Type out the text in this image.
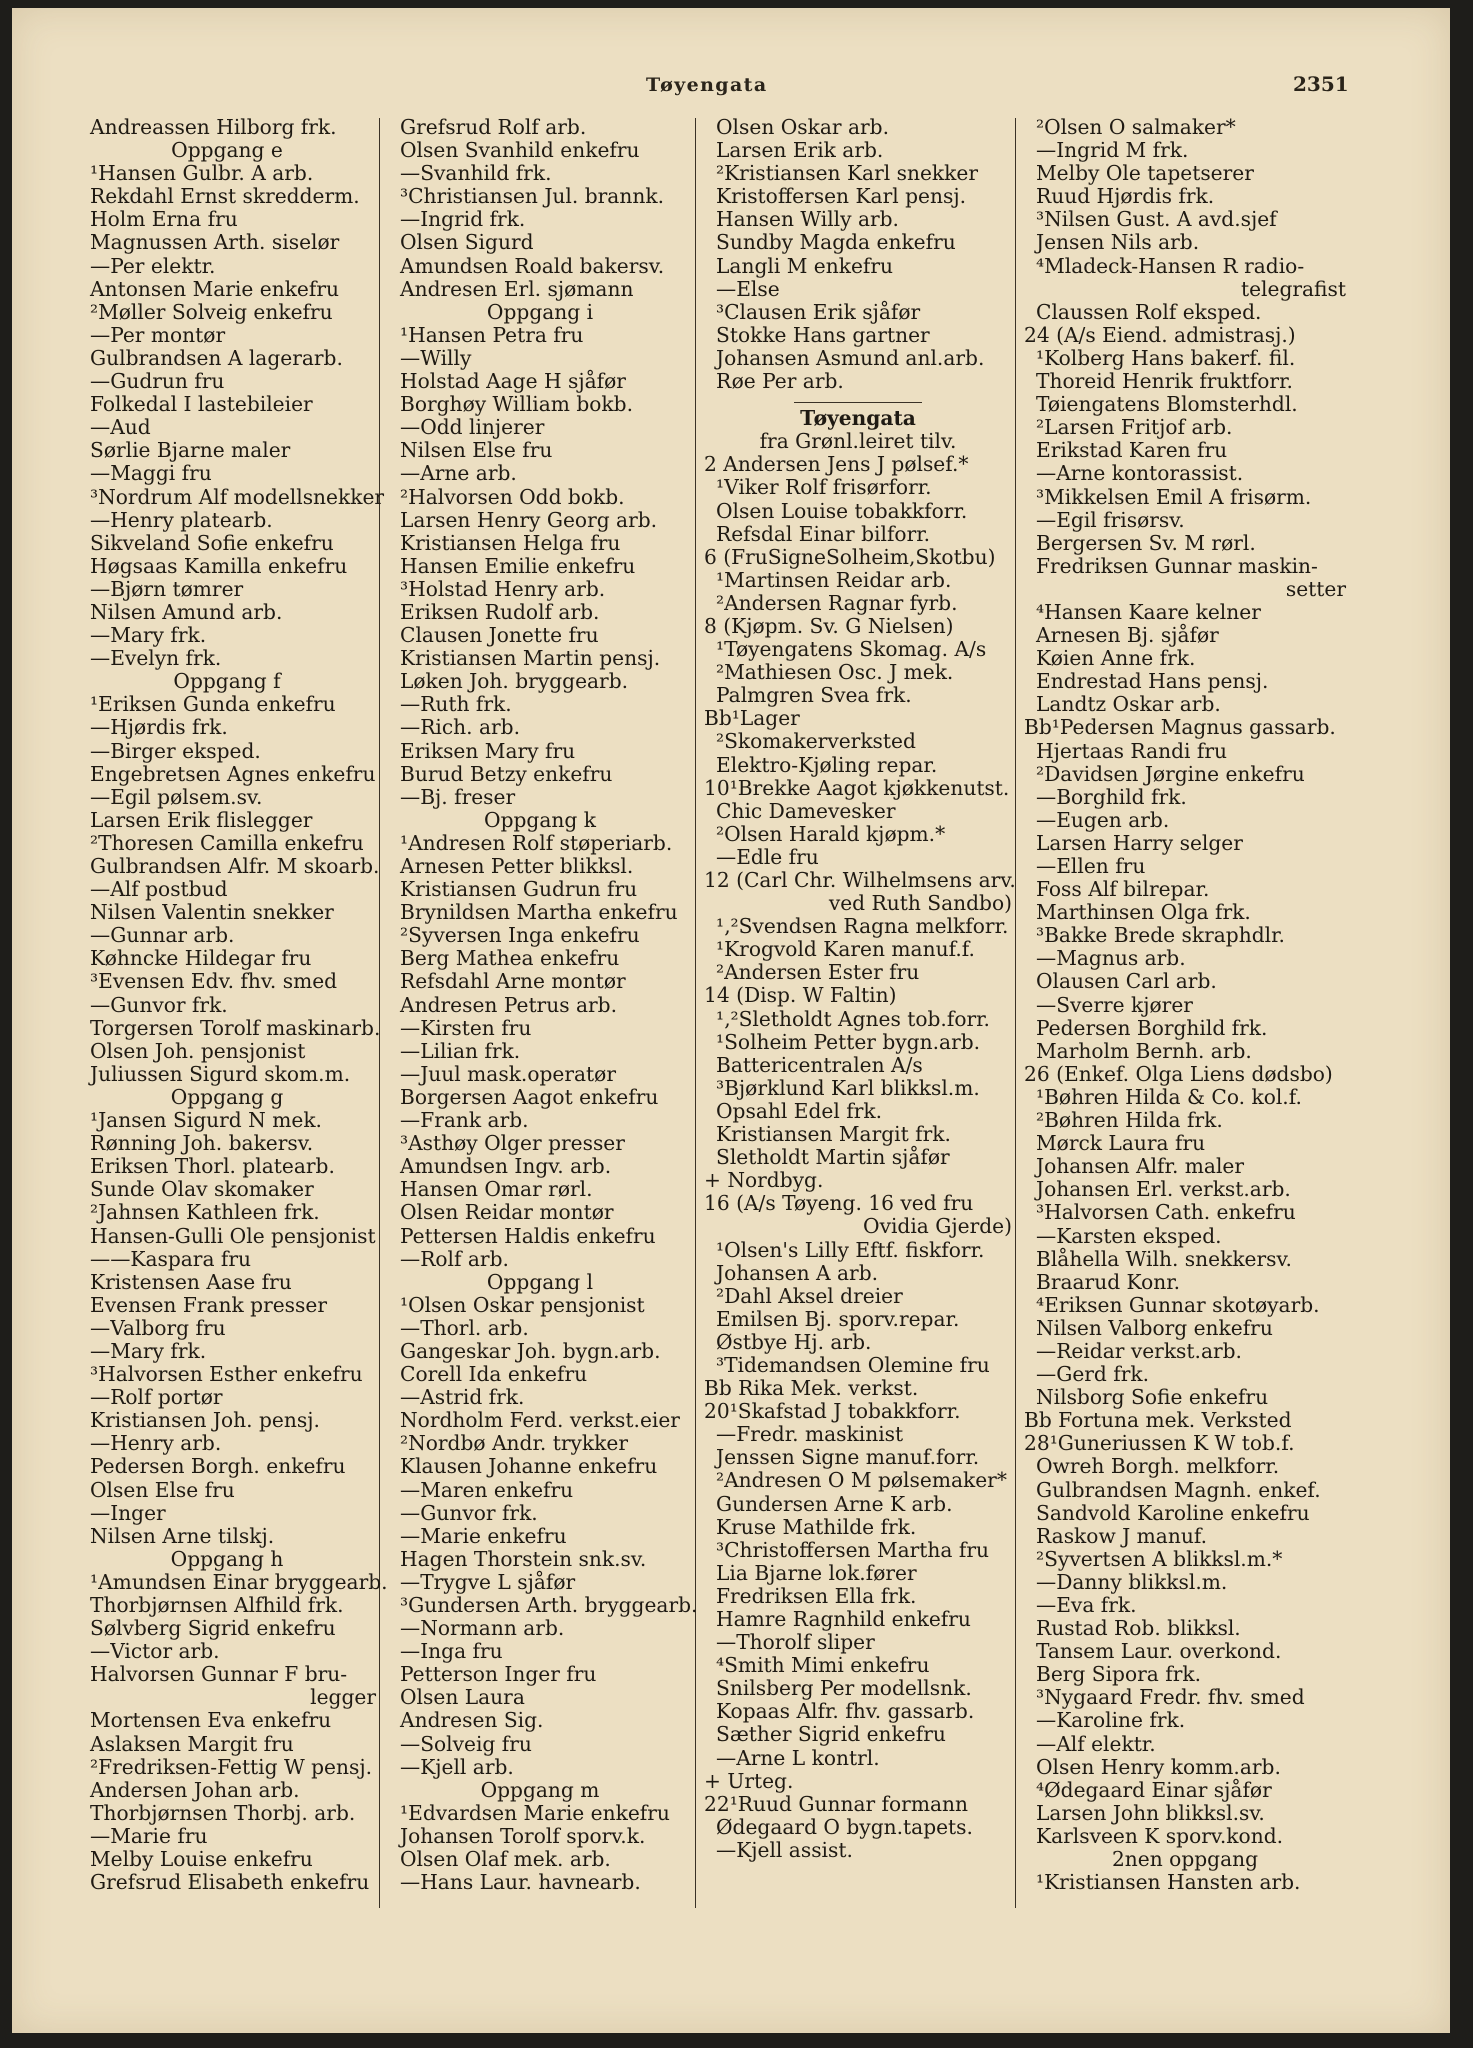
Tøyengata	2351
Andreassen Hilborg frk.
Oppgang e
¹Hansen Gulbr. A arb.
Rekdahl Ernst skredderm.
Holm Erna fru
Magnussen Arth. siselør
—Per elektr.
Antonsen Marie enkefru
²Møller Solveig enkefru
—Per montør
Gulbrandsen A lagerarb.
—Gudrun fru
Folkedal I lastebileier
—Aud
Sørlie Bjarne maler
—Maggi fru
³Nordrum Alf modellsnekker
—Henry platearb.
Sikveland Sofie enkefru
Høgsaas Kamilla enkefru
—Bjørn tømrer
Nilsen Amund arb.
—Mary frk.
—Evelyn frk.
Oppgang f
¹Eriksen Gunda enkefru
—Hjørdis frk.
—Birger eksped.
Engebretsen Agnes enkefru
—Egil pølsem.sv.
Larsen Erik flislegger
²Thoresen Camilla enkefru
Gulbrandsen Alfr. M skoarb.
—Alf postbud
Nilsen Valentin snekker
—Gunnar arb.
Køhncke Hildegar fru
³Evensen Edv. fhv. smed
—Gunvor frk.
Torgersen Torolf maskinarb.
Olsen Joh. pensjonist
Juliussen Sigurd skom.m.
Oppgang g
¹Jansen Sigurd N mek.
Rønning Joh. bakersv.
Eriksen Thorl. platearb.
Sunde Olav skomaker
²Jahnsen Kathleen frk.
Hansen-Gulli Ole pensjonist
——Kaspara fru
Kristensen Aase fru
Evensen Frank presser
—Valborg fru
—Mary frk.
³Halvorsen Esther enkefru
—Rolf portør
Kristiansen Joh. pensj.
—Henry arb.
Pedersen Borgh. enkefru
Olsen Else fru
—Inger
Nilsen Arne tilskj.
Oppgang h
¹Amundsen Einar bryggearb.
Thorbjørnsen Alfhild frk.
Sølvberg Sigrid enkefru
—Victor arb.
Halvorsen Gunnar F bru-
legger
Mortensen Eva enkefru
Aslaksen Margit fru
²Fredriksen-Fettig W pensj.
Andersen Johan arb.
Thorbjørnsen Thorbj. arb.
—Marie fru
Melby Louise enkefru
Grefsrud Elisabeth enkefru
Grefsrud Rolf arb.
Olsen Svanhild enkefru
—Svanhild frk.
³Christiansen Jul. brannk.
—Ingrid frk.
Olsen Sigurd
Amundsen Roald bakersv.
Andresen Erl. sjømann
Oppgang i
¹Hansen Petra fru
—Willy
Holstad Aage H sjåfør
Borghøy William bokb.
—Odd linjerer
Nilsen Else fru
—Arne arb.
²Halvorsen Odd bokb.
Larsen Henry Georg arb.
Kristiansen Helga fru
Hansen Emilie enkefru
³Holstad Henry arb.
Eriksen Rudolf arb.
Clausen Jonette fru
Kristiansen Martin pensj.
Løken Joh. bryggearb.
—Ruth frk.
—Rich. arb.
Eriksen Mary fru
Burud Betzy enkefru
—Bj. freser
Oppgang k
¹Andresen Rolf støperiarb.
Arnesen Petter blikksl.
Kristiansen Gudrun fru
Brynildsen Martha enkefru
²Syversen Inga enkefru
Berg Mathea enkefru
Refsdahl Arne montør
Andresen Petrus arb.
—Kirsten fru
—Lilian frk.
—Juul mask.operatør
Borgersen Aagot enkefru
—Frank arb.
³Asthøy Olger presser
Amundsen Ingv. arb.
Hansen Omar rørl.
Olsen Reidar montør
Pettersen Haldis enkefru
—Rolf arb.
Oppgang l
¹Olsen Oskar pensjonist
—Thorl. arb.
Gangeskar Joh. bygn.arb.
Corell Ida enkefru
—Astrid frk.
Nordholm Ferd. verkst.eier
²Nordbø Andr. trykker
Klausen Johanne enkefru
—Maren enkefru
—Gunvor frk.
—Marie enkefru
Hagen Thorstein snk.sv.
—Trygve L sjåfør
³Gundersen Arth. bryggearb.
—Normann arb.
—Inga fru
Petterson Inger fru
Olsen Laura
Andresen Sig.
—Solveig fru
—Kjell arb.
Oppgang m
¹Edvardsen Marie enkefru
Johansen Torolf sporv.k.
Olsen Olaf mek. arb.
—Hans Laur. havnearb.
Olsen Oskar arb.
Larsen Erik arb.
²Kristiansen Karl snekker
Kristoffersen Karl pensj.
Hansen Willy arb.
Sundby Magda enkefru
Langli M enkefru
—Else
³Clausen Erik sjåfør
Stokke Hans gartner
Johansen Asmund anl.arb.
Røe Per arb.
Tøyengata
fra Grønl.leiret tilv.
2 Andersen Jens J pølsef.*
¹Viker Rolf frisørforr.
Olsen Louise tobakkforr.
Refsdal Einar bilforr.
6 (FruSigneSolheim,Skotbu)
¹Martinsen Reidar arb.
²Andersen Ragnar fyrb.
8 (Kjøpm. Sv. G Nielsen)
¹Tøyengatens Skomag. A/s
²Mathiesen Osc. J mek.
Palmgren Svea frk.
Bb¹Lager
²Skomakerverksted
Elektro-Kjøling repar.
10¹Brekke Aagot kjøkkenutst.
Chic Damevesker
²Olsen Harald kjøpm.*
—Edle fru
12 (Carl Chr. Wilhelmsens arv.
ved Ruth Sandbo)
¹‚²Svendsen Ragna melkforr.
¹Krogvold Karen manuf.f.
²Andersen Ester fru
14 (Disp. W Faltin)
¹‚²Sletholdt Agnes tob.forr.
¹Solheim Petter bygn.arb.
Battericentralen A/s
³Bjørklund Karl blikksl.m.
Opsahl Edel frk.
Kristiansen Margit frk.
Sletholdt Martin sjåfør
+ Nordbyg.
16 (A/s Tøyeng. 16 ved fru
Ovidia Gjerde)
¹Olsen's Lilly Eftf. fiskforr.
Johansen A arb.
²Dahl Aksel dreier
Emilsen Bj. sporv.repar.
Østbye Hj. arb.
³Tidemandsen Olemine fru
Bb Rika Mek. verkst.
20¹Skafstad J tobakkforr.
—Fredr. maskinist
Jenssen Signe manuf.forr.
²Andresen O M pølsemaker*
Gundersen Arne K arb.
Kruse Mathilde frk.
³Christoffersen Martha fru
Lia Bjarne lok.fører
Fredriksen Ella frk.
Hamre Ragnhild enkefru
—Thorolf sliper
⁴Smith Mimi enkefru
Snilsberg Per modellsnk.
Kopaas Alfr. fhv. gassarb.
Sæther Sigrid enkefru
—Arne L kontrl.
+ Urteg.
22¹Ruud Gunnar formann
Ødegaard O bygn.tapets.
—Kjell assist.
²Olsen O salmaker*
—Ingrid M frk.
Melby Ole tapetserer
Ruud Hjørdis frk.
³Nilsen Gust. A avd.sjef
Jensen Nils arb.
⁴Mladeck-Hansen R radio-
telegrafist
Claussen Rolf eksped.
24 (A/s Eiend. admistrasj.)
¹Kolberg Hans bakerf. fil.
Thoreid Henrik fruktforr.
Tøiengatens Blomsterhdl.
²Larsen Fritjof arb.
Erikstad Karen fru
—Arne kontorassist.
³Mikkelsen Emil A frisørm.
—Egil frisørsv.
Bergersen Sv. M rørl.
Fredriksen Gunnar maskin-
setter
⁴Hansen Kaare kelner
Arnesen Bj. sjåfør
Køien Anne frk.
Endrestad Hans pensj.
Landtz Oskar arb.
Bb¹Pedersen Magnus gassarb.
Hjertaas Randi fru
²Davidsen Jørgine enkefru
—Borghild frk.
—Eugen arb.
Larsen Harry selger
—Ellen fru
Foss Alf bilrepar.
Marthinsen Olga frk.
³Bakke Brede skraphdlr.
—Magnus arb.
Olausen Carl arb.
—Sverre kjører
Pedersen Borghild frk.
Marholm Bernh. arb.
26 (Enkef. Olga Liens dødsbo)
¹Bøhren Hilda & Co. kol.f.
²Bøhren Hilda frk.
Mørck Laura fru
Johansen Alfr. maler
Johansen Erl. verkst.arb.
³Halvorsen Cath. enkefru
—Karsten eksped.
Blåhella Wilh. snekkersv.
Braarud Konr.
⁴Eriksen Gunnar skotøyarb.
Nilsen Valborg enkefru
—Reidar verkst.arb.
—Gerd frk.
Nilsborg Sofie enkefru
Bb Fortuna mek. Verksted
28¹Guneriussen K W tob.f.
Owreh Borgh. melkforr.
Gulbrandsen Magnh. enkef.
Sandvold Karoline enkefru
Raskow J manuf.
²Syvertsen A blikksl.m.*
—Danny blikksl.m.
—Eva frk.
Rustad Rob. blikksl.
Tansem Laur. overkond.
Berg Sipora frk.
³Nygaard Fredr. fhv. smed
—Karoline frk.
—Alf elektr.
Olsen Henry komm.arb.
⁴Ødegaard Einar sjåfør
Larsen John blikksl.sv.
Karlsveen K sporv.kond.
2nen oppgang
¹Kristiansen Hansten arb.
